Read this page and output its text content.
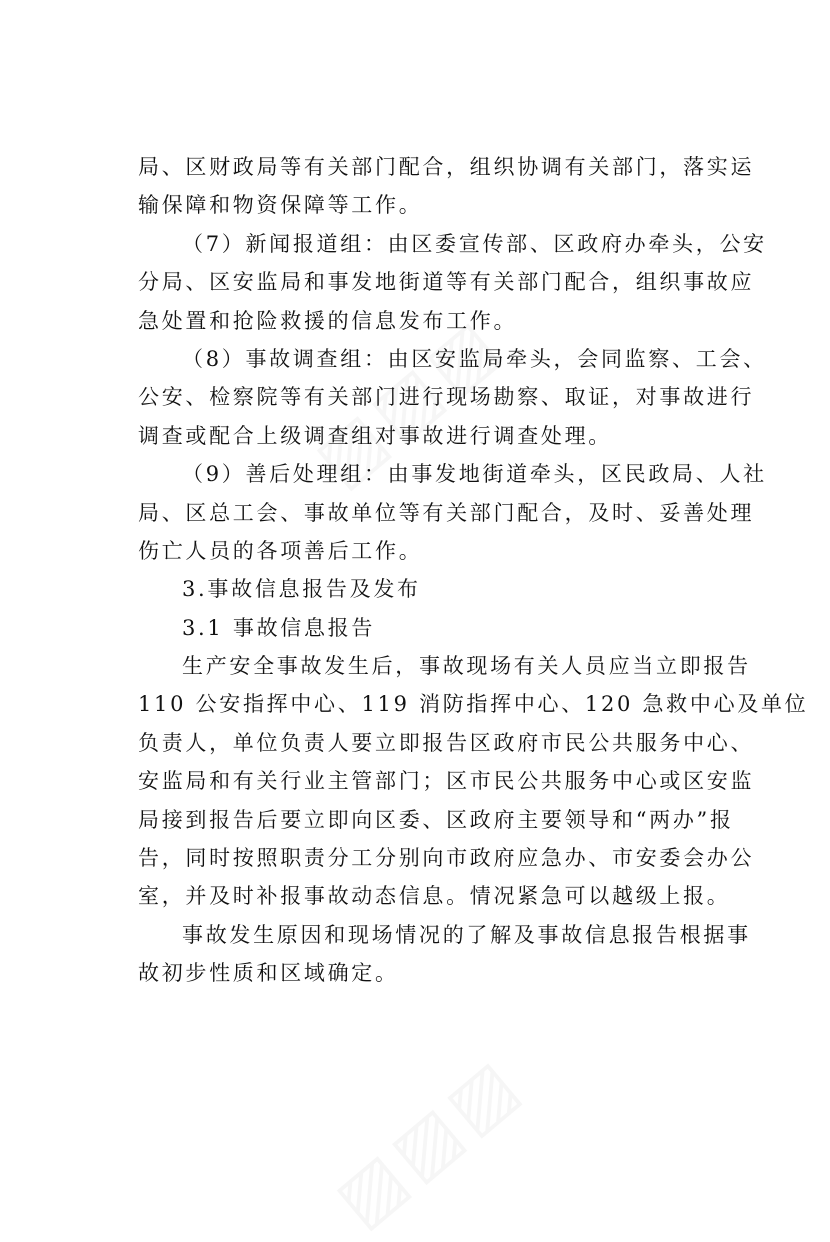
局、区财政局等有关部门配合，组织协调有关部门，落实运
输保障和物资保障等工作。
（7）新闻报道组：由区委宣传部、区政府办牵头，公安
分局、区安监局和事发地街道等有关部门配合，组织事故应
急处置和抢险救援的信息发布工作。
（8）事故调查组：由区安监局牵头，会同监察、工会、
公安、检察院等有关部门进行现场勘察、取证，对事故进行
调查或配合上级调查组对事故进行调查处理。
（9）善后处理组：由事发地街道牵头，区民政局、人社
局、区总工会、事故单位等有关部门配合，及时、妥善处理
伤亡人员的各项善后工作。
3.事故信息报告及发布
3.1 事故信息报告
生产安全事故发生后，事故现场有关人员应当立即报告
110 公安指挥中心、119 消防指挥中心、120 急救中心及单位
负责人，单位负责人要立即报告区政府市民公共服务中心、
安监局和有关行业主管部门；区市民公共服务中心或区安监
局接到报告后要立即向区委、区政府主要领导和“两办”报
告，同时按照职责分工分别向市政府应急办、市安委会办公
室，并及时补报事故动态信息。情况紧急可以越级上报。
事故发生原因和现场情况的了解及事故信息报告根据事
故初步性质和区域确定。
